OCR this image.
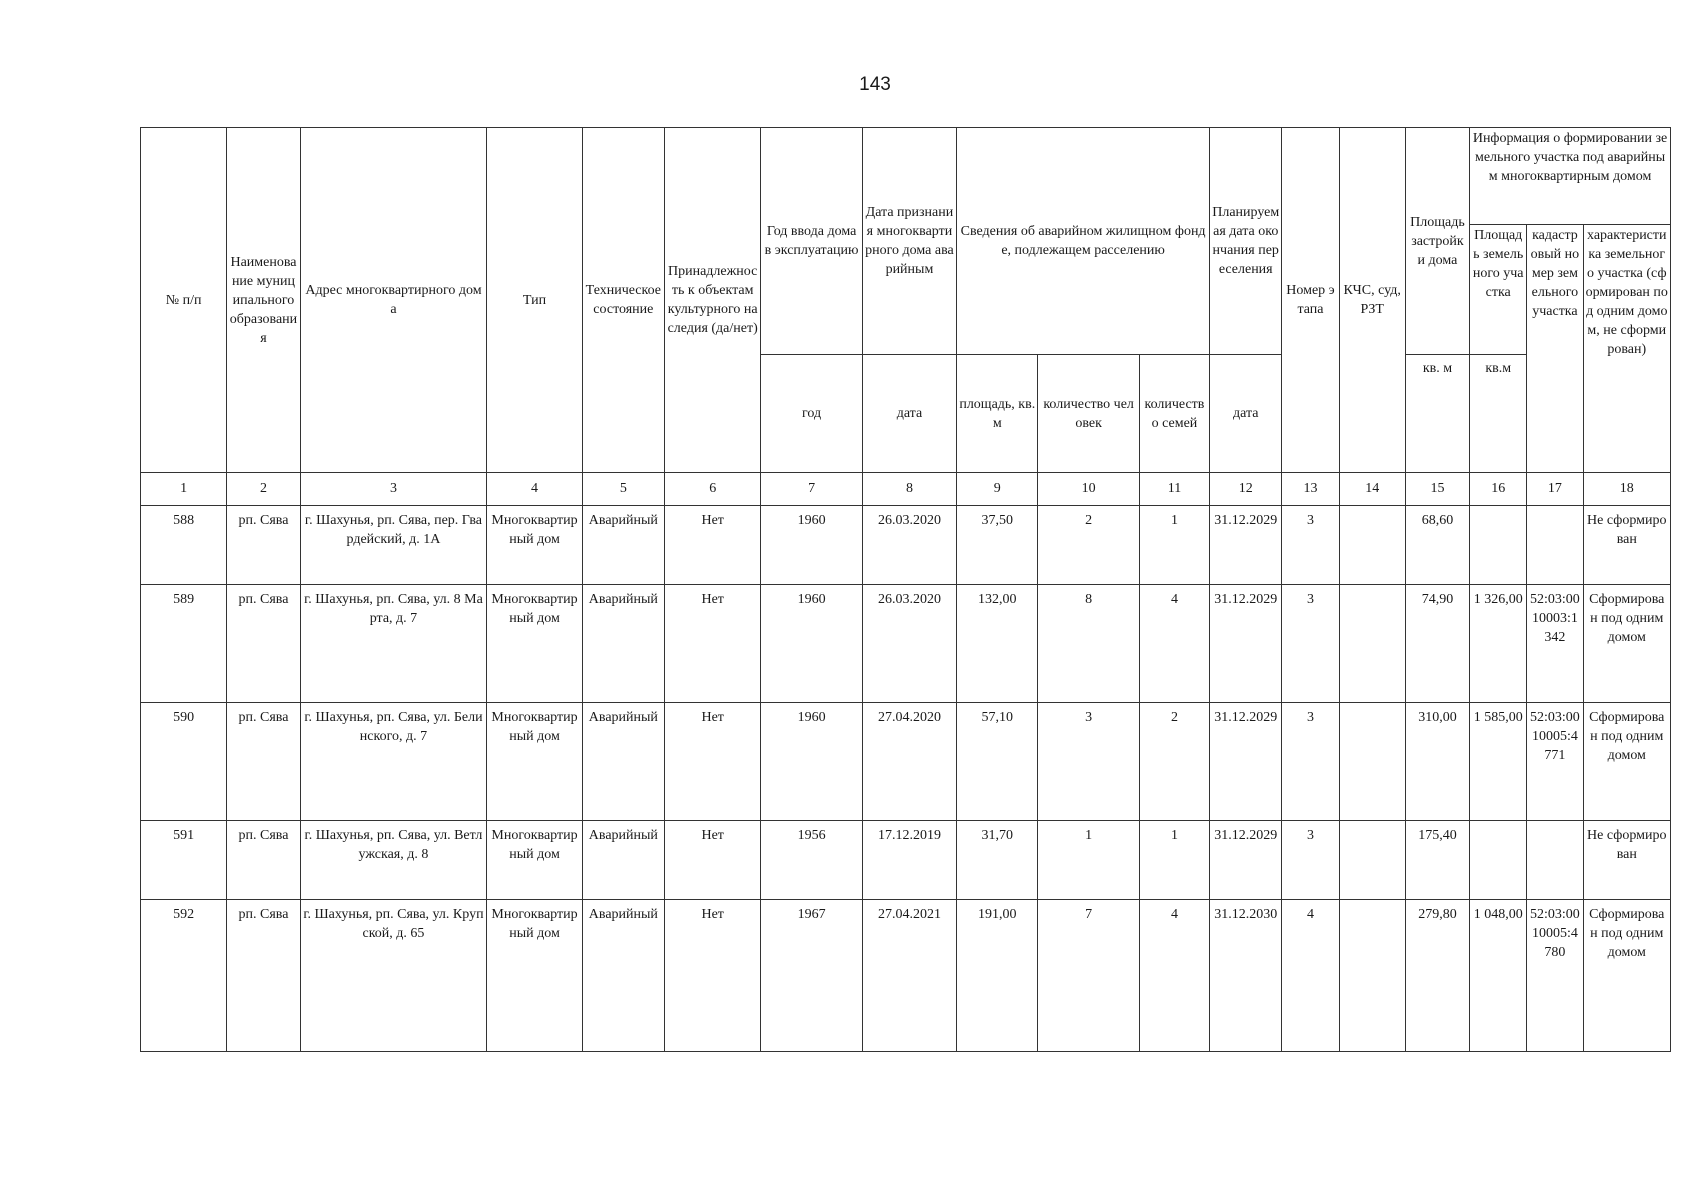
143
№ п/п	Наименование муниципального образования	Адрес многоквартирного дома	Тип	Техническое состояние	Принадлежность к объектам культурного наследия (да/нет)	Год ввода дома в эксплуатацию	Дата признания многоквартирного дома аварийным	Сведения об аварийном жилищном фонде, подлежащем расселению			Планируемая дата окончания переселения	Номер этапа	КЧС, суд, РЗТ	Площадь застройки дома	Информация о формировании земельного участка под аварийным многоквартирным домом		
															Площадь земельного участка	кадастровый номер земельного участка	характеристика земельного участка (сформирован под одним домом, не сформирован)
						год	дата	площадь, кв.м	количество человек	количество семей	дата			кв. м	кв.м		
1	2	3	4	5	6	7	8	9	10	11	12	13	14	15	16	17	18
588	рп. Сява	г. Шахунья, рп. Сява, пер. Гвардейский, д. 1А	Многоквартирный дом	Аварийный	Нет	1960	26.03.2020	37,50	2	1	31.12.2029	3		68,60			Не сформирован
589	рп. Сява	г. Шахунья, рп. Сява, ул. 8 Марта, д. 7	Многоквартирный дом	Аварийный	Нет	1960	26.03.2020	132,00	8	4	31.12.2029	3		74,90	1 326,00	52:03:0010003:1342	Сформирован под одним домом
590	рп. Сява	г. Шахунья, рп. Сява, ул. Белинского, д. 7	Многоквартирный дом	Аварийный	Нет	1960	27.04.2020	57,10	3	2	31.12.2029	3		310,00	1 585,00	52:03:0010005:4771	Сформирован под одним домом
591	рп. Сява	г. Шахунья, рп. Сява, ул. Ветлужская, д. 8	Многоквартирный дом	Аварийный	Нет	1956	17.12.2019	31,70	1	1	31.12.2029	3		175,40			Не сформирован
592	рп. Сява	г. Шахунья, рп. Сява, ул. Крупской, д. 65	Многоквартирный дом	Аварийный	Нет	1967	27.04.2021	191,00	7	4	31.12.2030	4		279,80	1 048,00	52:03:0010005:4780	Сформирован под одним домом
